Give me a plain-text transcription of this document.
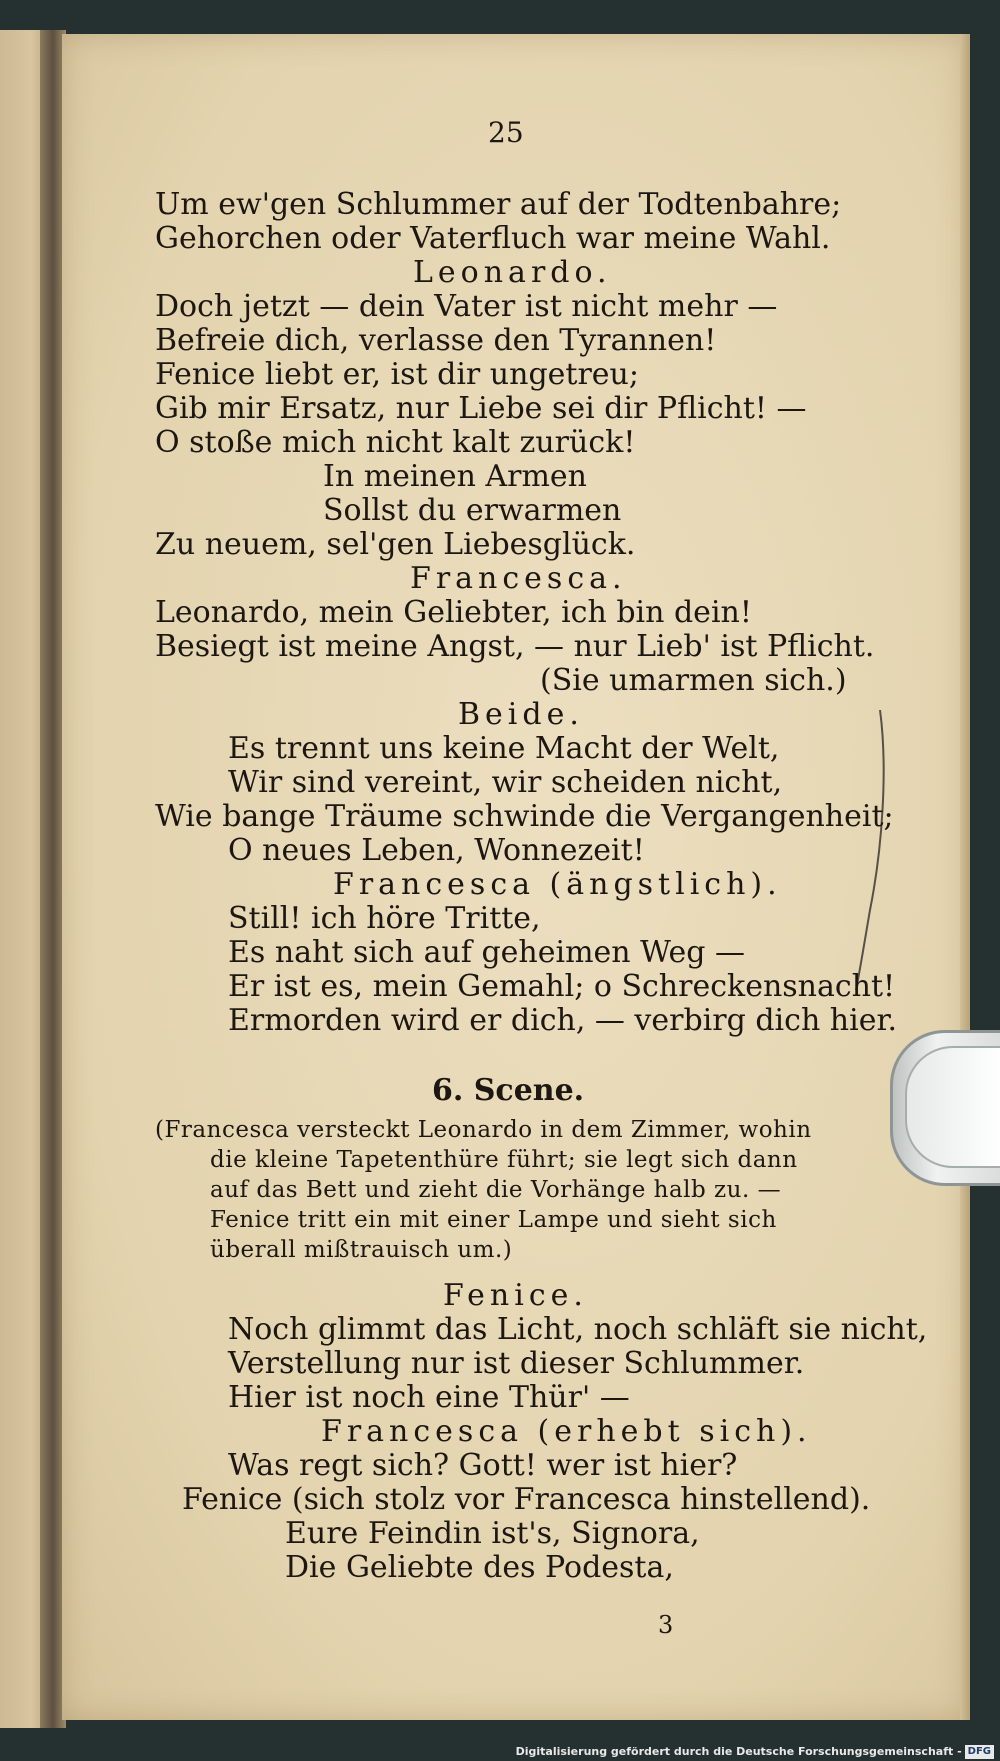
25
Um ew'gen Schlummer auf der Todtenbahre;
Gehorchen oder Vaterfluch war meine Wahl.
Leonardo.
Doch jetzt — dein Vater ist nicht mehr —
Befreie dich, verlasse den Tyrannen!
Fenice liebt er, ist dir ungetreu;
Gib mir Ersatz, nur Liebe sei dir Pflicht! —
O stoße mich nicht kalt zurück!
In meinen Armen
Sollst du erwarmen
Zu neuem, sel'gen Liebesglück.
Francesca.
Leonardo, mein Geliebter, ich bin dein!
Besiegt ist meine Angst, — nur Lieb' ist Pflicht.
(Sie umarmen sich.)
Beide.
Es trennt uns keine Macht der Welt,
Wir sind vereint, wir scheiden nicht,
Wie bange Träume schwinde die Vergangenheit;
O neues Leben, Wonnezeit!
Francesca (ängstlich).
Still! ich höre Tritte,
Es naht sich auf geheimen Weg —
Er ist es, mein Gemahl; o Schreckensnacht!
Ermorden wird er dich, — verbirg dich hier.
6. Scene.
(Francesca versteckt Leonardo in dem Zimmer, wohin
die kleine Tapetenthüre führt; sie legt sich dann
auf das Bett und zieht die Vorhänge halb zu. —
Fenice tritt ein mit einer Lampe und sieht sich
überall mißtrauisch um.)
Fenice.
Noch glimmt das Licht, noch schläft sie nicht,
Verstellung nur ist dieser Schlummer.
Hier ist noch eine Thür' —
Francesca (erhebt sich).
Was regt sich? Gott! wer ist hier?
Fenice (sich stolz vor Francesca hinstellend).
Eure Feindin ist's, Signora,
Die Geliebte des Podesta,
3
Digitalisierung gefördert durch die Deutsche Forschungsgemeinschaft - DFG
